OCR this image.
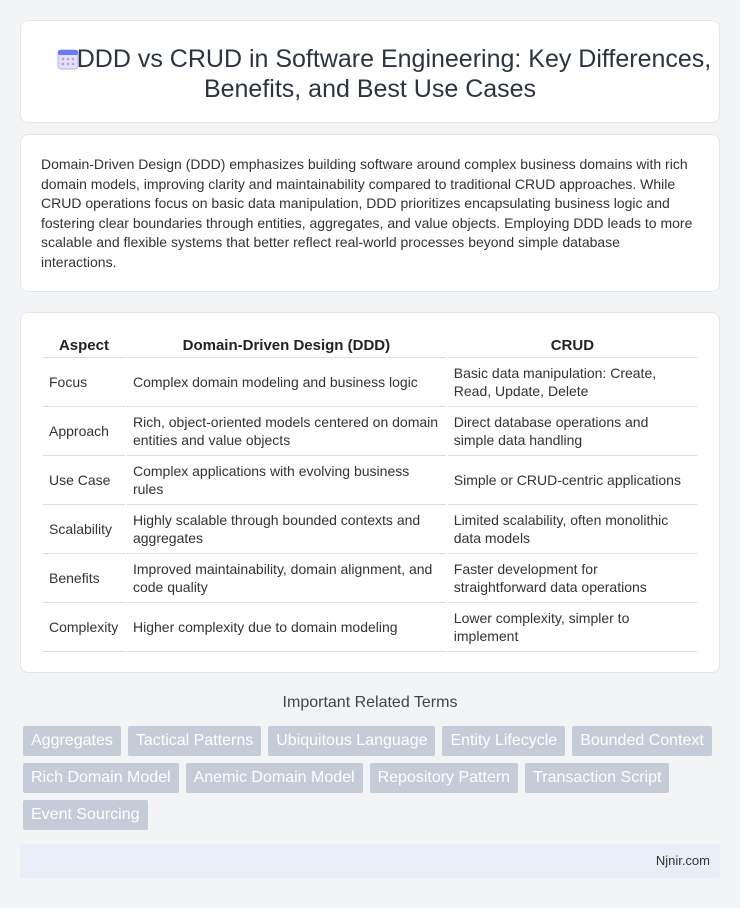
DDD vs CRUD in Software Engineering: Key Differences,
Benefits, and Best Use Cases

Domain-Driven Design (DDD) emphasizes building software around complex business domains with rich domain models, improving clarity and maintainability compared to traditional CRUD approaches. While CRUD operations focus on basic data manipulation, DDD prioritizes encapsulating business logic and fostering clear boundaries through entities, aggregates, and value objects. Employing DDD leads to more scalable and flexible systems that better reflect real-world processes beyond simple database interactions.

Aspect	Domain-Driven Design (DDD)	CRUD
Focus	Complex domain modeling and business logic	Basic data manipulation: Create, Read, Update, Delete
Approach	Rich, object-oriented models centered on domain entities and value objects	Direct database operations and simple data handling
Use Case	Complex applications with evolving business rules	Simple or CRUD-centric applications
Scalability	Highly scalable through bounded contexts and aggregates	Limited scalability, often monolithic data models
Benefits	Improved maintainability, domain alignment, and code quality	Faster development for straightforward data operations
Complexity	Higher complexity due to domain modeling	Lower complexity, simpler to implement
Important Related Terms
Aggregates Tactical Patterns Ubiquitous Language Entity Lifecycle Bounded ContextRich Domain Model Anemic Domain Model Repository Pattern Transaction ScriptEvent Sourcing
Njnir.com
